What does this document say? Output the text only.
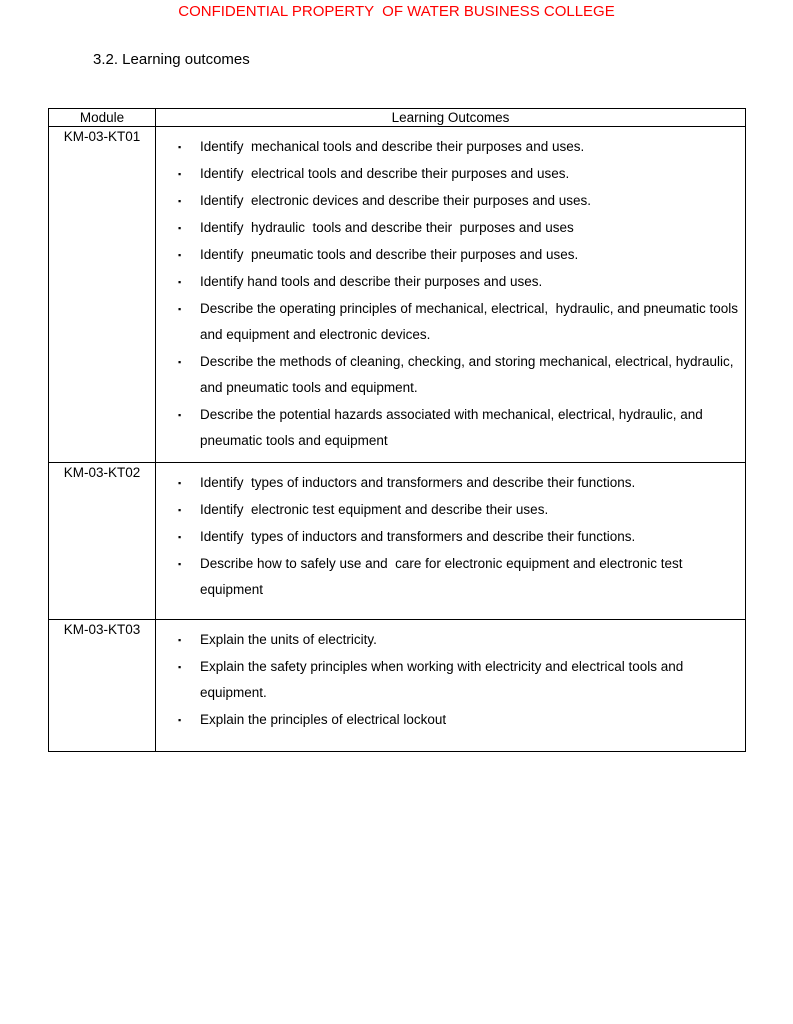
CONFIDENTIAL PROPERTY  OF WATER BUSINESS COLLEGE
3.2. Learning outcomes
Module	Learning Outcomes
KM-03-KT01	
▪	Identify  mechanical tools and describe their purposes and uses.
▪	Identify  electrical tools and describe their purposes and uses.
▪	Identify  electronic devices and describe their purposes and uses.
▪	Identify  hydraulic  tools and describe their  purposes and uses
▪	Identify  pneumatic tools and describe their purposes and uses.
▪	Identify hand tools and describe their purposes and uses.
▪	Describe the operating principles of mechanical, electrical,  hydraulic, and pneumatic tools and equipment and electronic devices.
▪	Describe the methods of cleaning, checking, and storing mechanical, electrical, hydraulic, and pneumatic tools and equipment.
▪	Describe the potential hazards associated with mechanical, electrical, hydraulic, and pneumatic tools and equipment

KM-03-KT02	
▪	Identify  types of inductors and transformers and describe their functions.
▪	Identify  electronic test equipment and describe their uses.
▪	Identify  types of inductors and transformers and describe their functions.
▪	Describe how to safely use and  care for electronic equipment and electronic test equipment

KM-03-KT03	
▪	Explain the units of electricity.
▪	Explain the safety principles when working with electricity and electrical tools and equipment.
▪	Explain the principles of electrical lockout
